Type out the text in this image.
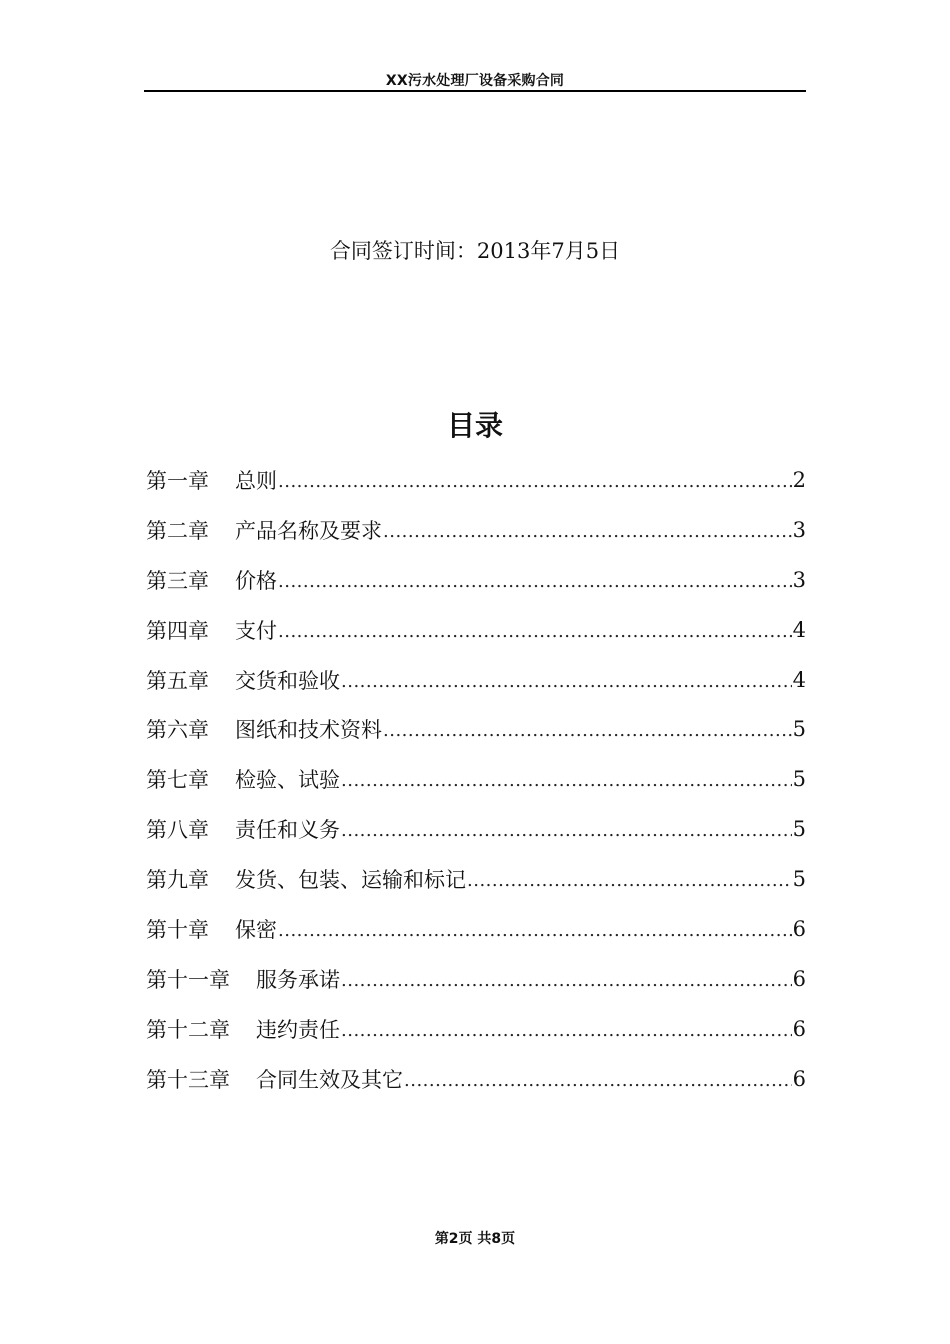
XX污水处理厂设备采购合同
合同签订时间：2013年7月5日
目录
第一章	总则 .....	2
第二章	产品名称及要求 .....	3
第三章	价格 .....	3
第四章	支付 .....	4
第五章	交货和验收 .....	4
第六章	图纸和技术资料 .....	5
第七章	检验、试验 .....	5
第八章	责任和义务 .....	5
第九章	发货、包装、运输和标记 .....	5
第十章	保密 .....	6
第十一章	服务承诺 .....	6
第十二章	违约责任 .....	6
第十三章	合同生效及其它 .....	6
第2页 共8页
